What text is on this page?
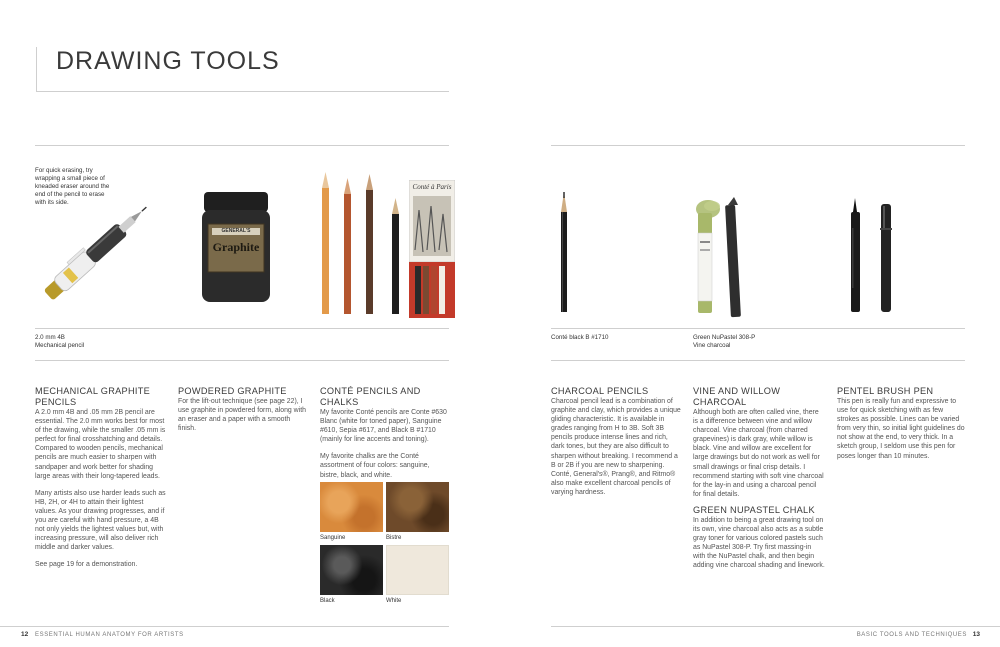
DRAWING TOOLS
For quick erasing, try wrapping a small piece of kneaded eraser around the end of the pencil to erase with its side.
GENERAL'S
Graphite
Conté à Paris
2.0 mm 4B
Mechanical pencil
MECHANICAL GRAPHITE PENCILS

A 2.0 mm 4B and .05 mm 2B pencil are essential. The 2.0 mm works best for most of the drawing, while the smaller .05 mm is perfect for final crosshatching and details. Compared to wooden pencils, mechanical pencils are much easier to sharpen with sandpaper and work better for shading large areas with their long-tapered leads.

Many artists also use harder leads such as HB, 2H, or 4H to attain their lightest values. As your drawing progresses, and if you are careful with hand pressure, a 4B not only yields the lightest values but, with increasing pressure, will also deliver rich middle and darker values.

See page 19 for a demonstration.

POWDERED GRAPHITE

For the lift-out technique (see page 22), I use graphite in powdered form, along with an eraser and a paper with a smooth finish.

CONTÉ PENCILS AND CHALKS

My favorite Conté pencils are Conte #630 Blanc (white for toned paper), Sanguine #610, Sepia #617, and Black B #1710 (mainly for line accents and toning).

My favorite chalks are the Conté assortment of four colors: sanguine, bistre, black, and white.

Sanguine	Bistre
Black	White
12 ESSENTIAL HUMAN ANATOMY FOR ARTISTS
Conté black B #1710	Green NuPastel 308-P
Vine charcoal
CHARCOAL PENCILS

Charcoal pencil lead is a combination of graphite and clay, which provides a unique gliding characteristic. It is available in grades ranging from H to 3B. Soft 3B pencils produce intense lines and rich, dark tones, but they are also difficult to sharpen without breaking. I recommend a B or 2B if you are new to sharpening. Conté, General's®, Prang®, and Ritmo® also make excellent charcoal pencils of varying hardness.

VINE AND WILLOW CHARCOAL

Although both are often called vine, there is a difference between vine and willow charcoal. Vine charcoal (from charred grapevines) is dark gray, while willow is black. Vine and willow are excellent for large drawings but do not work as well for small drawings or final crisp details. I recommend starting with soft vine charcoal for the lay-in and using a charcoal pencil for final details.

GREEN NUPASTEL CHALK

In addition to being a great drawing tool on its own, vine charcoal also acts as a subtle gray toner for various colored pastels such as NuPastel 308-P. Try first massing-in with the NuPastel chalk, and then begin adding vine charcoal shading and linework.

PENTEL BRUSH PEN

This pen is really fun and expressive to use for quick sketching with as few strokes as possible. Lines can be varied from very thin, so initial light guidelines do not show at the end, to very thick. In a sketch group, I seldom use this pen for poses longer than 10 minutes.

BASIC TOOLS AND TECHNIQUES 13
